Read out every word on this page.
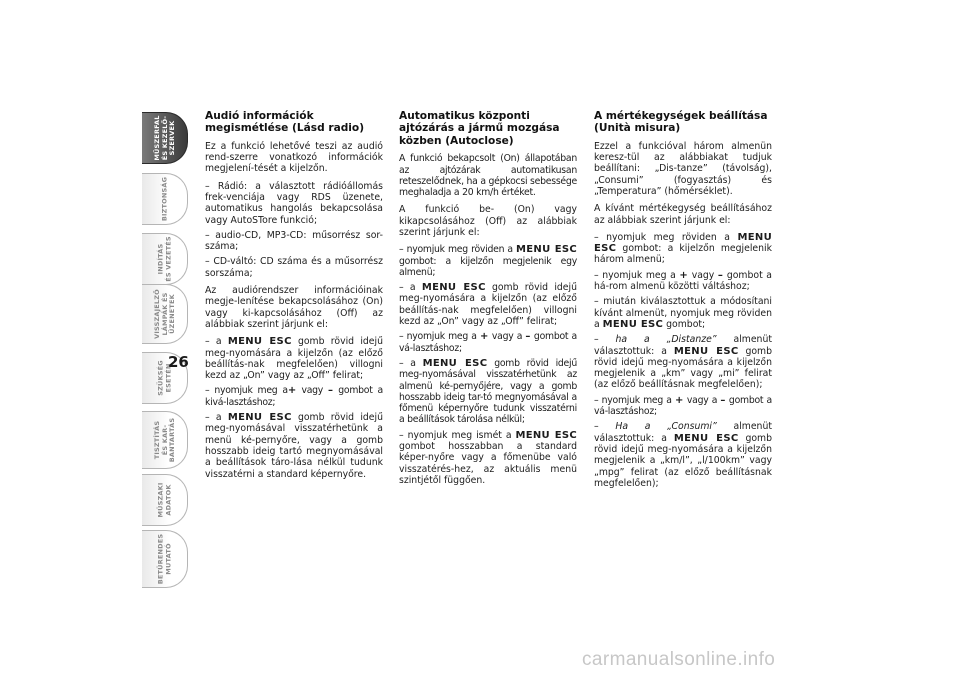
MŰSZERFAL
ÉS KEZELŐ-
SZERVEK
BIZTONSÁG
INDÍTÁS
ÉS VEZETÉS
VISSZAJELZŐ
LÁMPÁK ÉS
ÜZENETEK
SZÜKSÉG
ESETÉN
TISZTÍTÁS
ÉS KAR-
BANTARTÁS
MŰSZAKI
ADATOK
BETŰRENDES
MUTATÓ
26
Audió információk megismétlése (Lásd radio)

Ez a funkció lehetővé teszi az audió rend-szerre vonatkozó információk megjelení-tését a kijelzőn.

– Rádió: a választott rádióállomás frek-venciája vagy RDS üzenete, automatikus hangolás bekapcsolása vagy AutoSTore funkció;

– audio-CD, MP3-CD: műsorrész sor-száma;

– CD-váltó: CD száma és a műsorrész sorszáma;

Az audiórendszer információinak megje-lenítése bekapcsolásához (On) vagy ki-kapcsolásához (Off) az alábbiak szerint járjunk el:

– a MENU ESC gomb rövid idejű meg-nyomására a kijelzőn (az előző beállítás-nak megfelelően) villogni kezd az „On” vagy az „Off” felirat;

– nyomjuk meg a+ vagy – gombot a kivá-lasztáshoz;

– a MENU ESC gomb rövid idejű meg-nyomásával visszatérhetünk a menü ké-pernyőre, vagy a gomb hosszabb ideig tartó megnyomásával a beállítások táro-lása nélkül tudunk visszatérni a standard képernyőre.

Automatikus központi ajtózárás a jármű mozgása közben (Autoclose)

A funkció bekapcsolt (On) állapotában az ajtózárak automatikusan reteszelődnek, ha a gépkocsi sebessége meghaladja a 20 km/h értéket.

A funkció be- (On) vagy kikapcsolásához (Off) az alábbiak szerint járjunk el:

– nyomjuk meg röviden a MENU ESC gombot: a kijelzőn megjelenik egy almenü;

– a MENU ESC gomb rövid idejű meg-nyomására a kijelzőn (az előző beállítás-nak megfelelően) villogni kezd az „On” vagy az „Off” felirat;

– nyomjuk meg a + vagy a – gombot a vá-lasztáshoz;

– a MENU ESC gomb rövid idejű meg-nyomásával visszatérhetünk az almenü ké-pernyőjére, vagy a gomb hosszabb ideig tar-tó megnyomásával a főmenü képernyőre tudunk visszatérni a beállítások tárolása nélkül;

– nyomjuk meg ismét a MENU ESC gombot hosszabban a standard képer-nyőre vagy a főmenübe való visszatérés-hez, az aktuális menü szintjétől függően.

A mértékegységek beállítása (Unità misura)

Ezzel a funkcióval három almenün keresz-tül az alábbiakat tudjuk beállítani: „Dis-tanze” (távolság), „Consumi” (fogyasztás) és „Temperatura” (hőmérséklet).

A kívánt mértékegység beállításához az alábbiak szerint járjunk el:

– nyomjuk meg röviden a MENU ESC gombot: a kijelzőn megjelenik három almenü;

– nyomjuk meg a + vagy – gombot a há-rom almenü közötti váltáshoz;

– miután kiválasztottuk a módosítani kívánt almenüt, nyomjuk meg röviden a MENU ESC gombot;

– ha a „Distanze” almenüt választottuk: a MENU ESC gomb rövid idejű meg-nyomására a kijelzőn megjelenik a „km” vagy „mi” felirat (az előző beállításnak megfelelően);

– nyomjuk meg a + vagy a – gombot a vá-lasztáshoz;

– Ha a „Consumi” almenüt választottuk: a MENU ESC gomb rövid idejű meg-nyomására a kijelzőn megjelenik a „km/l”, „l/100km” vagy „mpg” felirat (az előző beállításnak megfelelően);

carmanualsonline.info
